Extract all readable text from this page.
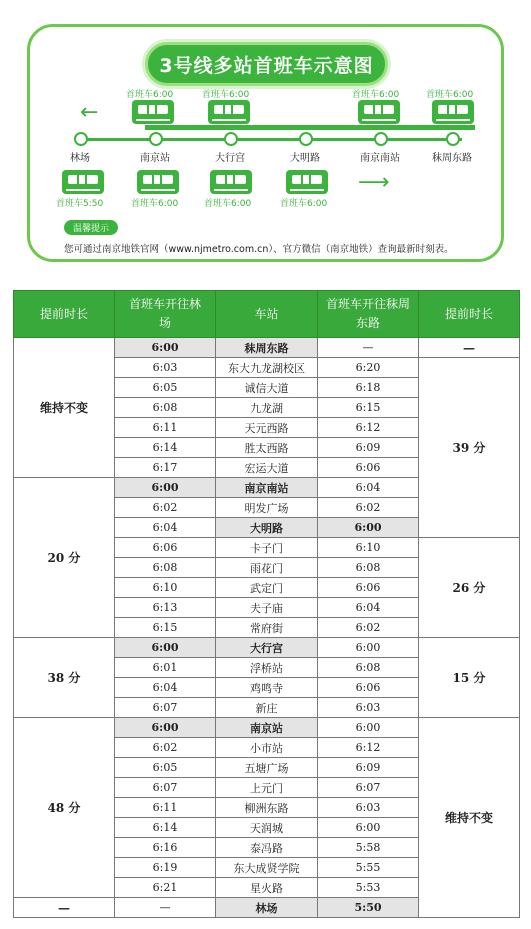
3号线多站首班车示意图
←
⟶
林场	南京站	大行宫	大明路	南京南站	秣周东路
首班车6:00	首班车6:00	首班车6:00	首班车6:00
首班车5:50	首班车6:00	首班车6:00	首班车6:00
温馨提示
您可通过南京地铁官网（www.njmetro.com.cn）、官方微信（南京地铁）查询最新时刻表。
提前时长	首班车开往林场	车站	首班车开往秣周东路	提前时长
维持不变	6:00	秣周东路	—	—
	6:03	东大九龙湖校区	6:20	39 分
	6:05	诚信大道	6:18	
	6:08	九龙湖	6:15	
	6:11	天元西路	6:12	
	6:14	胜太西路	6:09	
	6:17	宏运大道	6:06	
20 分	6:00	南京南站	6:04	
	6:02	明发广场	6:02	
	6:04	大明路	6:00	
	6:06	卡子门	6:10	26 分
	6:08	雨花门	6:08	
	6:10	武定门	6:06	
	6:13	夫子庙	6:04	
	6:15	常府街	6:02	
38 分	6:00	大行宫	6:00	15 分
	6:01	浮桥站	6:08	
	6:04	鸡鸣寺	6:06	
	6:07	新庄	6:03	
48 分	6:00	南京站	6:00	维持不变
	6:02	小市站	6:12	
	6:05	五塘广场	6:09	
	6:07	上元门	6:07	
	6:11	柳洲东路	6:03	
	6:14	天润城	6:00	
	6:16	泰冯路	5:58	
	6:19	东大成贤学院	5:55	
	6:21	星火路	5:53	
—	—	林场	5:50	
